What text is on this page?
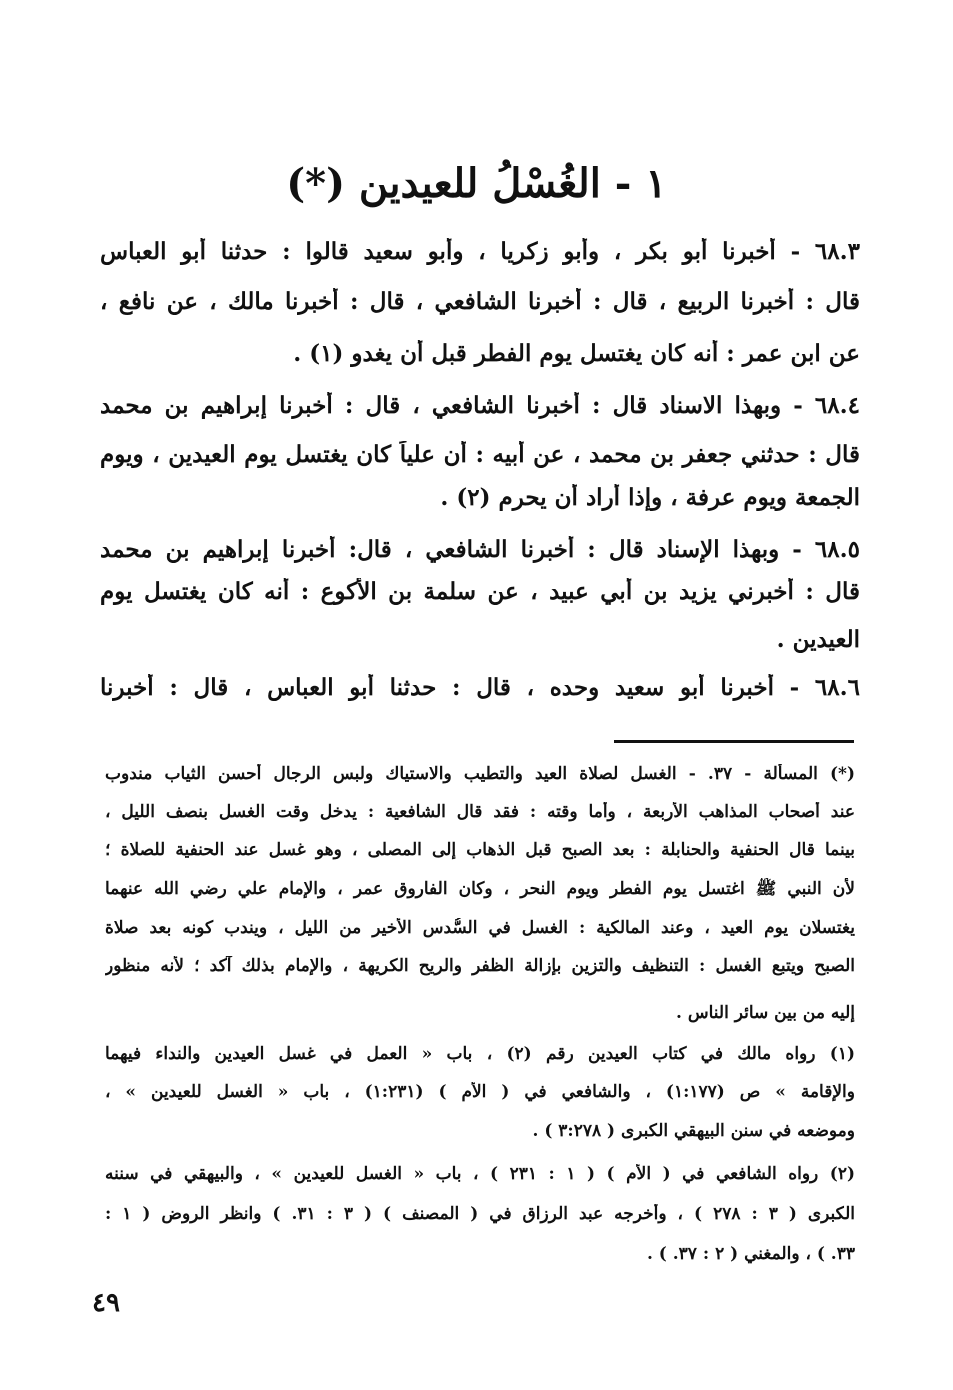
١ - الغُسْلُ للعيدين (*)
٦٨.٣ - أخبرنا أبو بكر ، وأبو زكريا ، وأبو سعيد قالوا : حدثنا أبو العباس
قال : أخبرنا الربيع ، قال : أخبرنا الشافعي ، قال : أخبرنا مالك ، عن نافع ،
عن ابن عمر : أنه كان يغتسل يوم الفطر قبل أن يغدو (١) .
٦٨.٤ - وبهذا الاسناد قال : أخبرنا الشافعي ، قال : أخبرنا إبراهيم بن محمد
قال : حدثني جعفر بن محمد ، عن أبيه : أن علياً كان يغتسل يوم العيدين ، ويوم
الجمعة ويوم عرفة ، وإذا أراد أن يحرم (٢) .
٦٨.٥ - وبهذا الإسناد قال : أخبرنا الشافعي ، قال: أخبرنا إبراهيم بن محمد
قال : أخبرني يزيد بن أبي عبيد ، عن سلمة بن الأكوع : أنه كان يغتسل يوم
العيدين .
٦٨.٦ - أخبرنا أبو سعيد وحده ، قال : حدثنا أبو العباس ، قال : أخبرنا
(*) المسألة - ٣٧. - الغسل لصلاة العيد والتطيب والاستياك ولبس الرجال أحسن الثياب مندوب
عند أصحاب المذاهب الأربعة ، وأما وقته : فقد قال الشافعية : يدخل وقت الغسل بنصف الليل ،
بينما قال الحنفية والحنابلة : بعد الصبح قبل الذهاب إلى المصلى ، وهو غسل عند الحنفية للصلاة ؛
لأن النبي ﷺ اغتسل يوم الفطر ويوم النحر ، وكان الفاروق عمر ، والإمام علي رضي الله عنهما
يغتسلان يوم العيد ، وعند المالكية : الغسل في السُّدس الأخير من الليل ، ويندب كونه بعد صلاة
الصبح ويتبع الغسل : التنظيف والتزين بإزالة الظفر والريح الكريهة ، والإمام بذلك آكد ؛ لأنه منظور
إليه من بين سائر الناس .
(١) رواه مالك في كتاب العيدين رقم (٢) ، باب « العمل في غسل العيدين والنداء فيهما
والإقامة » ص (١:١٧٧) ، والشافعي في ( الأم ) (١:٢٣١) ، باب « الغسل للعيدين » ،
وموضعه في سنن البيهقي الكبرى ( ٣:٢٧٨ ) .
(٢) رواه الشافعي في ( الأم ) ( ١ : ٢٣١ ) ، باب « الغسل للعيدين » ، والبيهقي في سننه
الكبرى ( ٣ : ٢٧٨ ) ، وأخرجه عبد الرزاق في ( المصنف ) ( ٣ : ٣١. ) وانظر الروض ( ١ :
٣٣. ) ، والمغني ( ٢ : ٣٧. ) .
٤٩
